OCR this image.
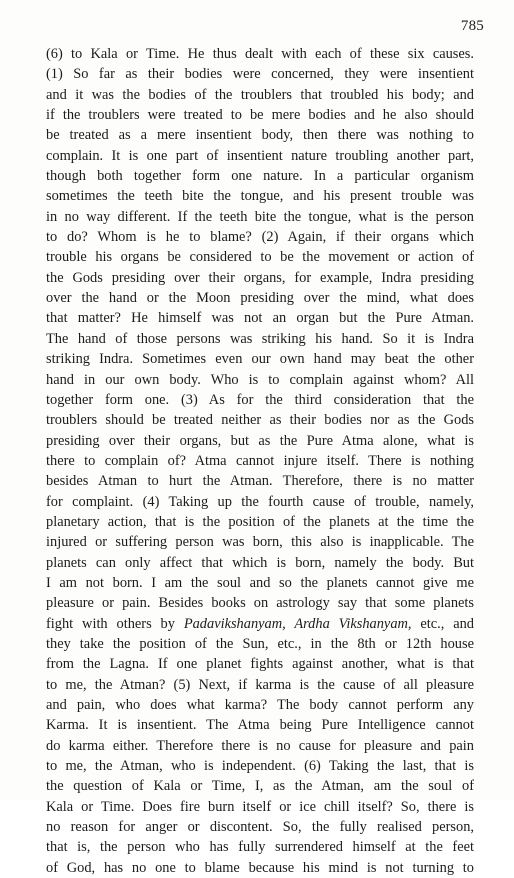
785
(6) to Kala or Time. He thus dealt with each of these six causes.
(1) So far as their bodies were concerned, they were insentient
and it was the bodies of the troublers that troubled his body; and
if the troublers were treated to be mere bodies and he also should
be treated as a mere insentient body, then there was nothing to
complain. It is one part of insentient nature troubling another part,
though both together form one nature. In a particular organism
sometimes the teeth bite the tongue, and his present trouble was
in no way different. If the teeth bite the tongue, what is the person
to do? Whom is he to blame? (2) Again, if their organs which
trouble his organs be considered to be the movement or action of
the Gods presiding over their organs, for example, Indra presiding
over the hand or the Moon presiding over the mind, what does
that matter? He himself was not an organ but the Pure Atman.
The hand of those persons was striking his hand. So it is Indra
striking Indra. Sometimes even our own hand may beat the other
hand in our own body. Who is to complain against whom? All
together form one. (3) As for the third consideration that the
troublers should be treated neither as their bodies nor as the Gods
presiding over their organs, but as the Pure Atma alone, what is
there to complain of? Atma cannot injure itself. There is nothing
besides Atman to hurt the Atman. Therefore, there is no matter
for complaint. (4) Taking up the fourth cause of trouble, namely,
planetary action, that is the position of the planets at the time the
injured or suffering person was born, this also is inapplicable. The
planets can only affect that which is born, namely the body. But
I am not born. I am the soul and so the planets cannot give me
pleasure or pain. Besides books on astrology say that some planets
fight with others by Padavikshanyam, Ardha Vikshanyam, etc., and
they take the position of the Sun, etc., in the 8th or 12th house
from the Lagna. If one planet fights against another, what is that
to me, the Atman? (5) Next, if karma is the cause of all pleasure
and pain, who does what karma? The body cannot perform any
Karma. It is insentient. The Atma being Pure Intelligence cannot
do karma either. Therefore there is no cause for pleasure and pain
to me, the Atman, who is independent. (6) Taking the last, that is
the question of Kala or Time, I, as the Atman, am the soul of
Kala or Time. Does fire burn itself or ice chill itself? So, there is
no reason for anger or discontent. So, the fully realised person,
that is, the person who has fully surrendered himself at the feet
of God, has no one to blame because his mind is not turning to
